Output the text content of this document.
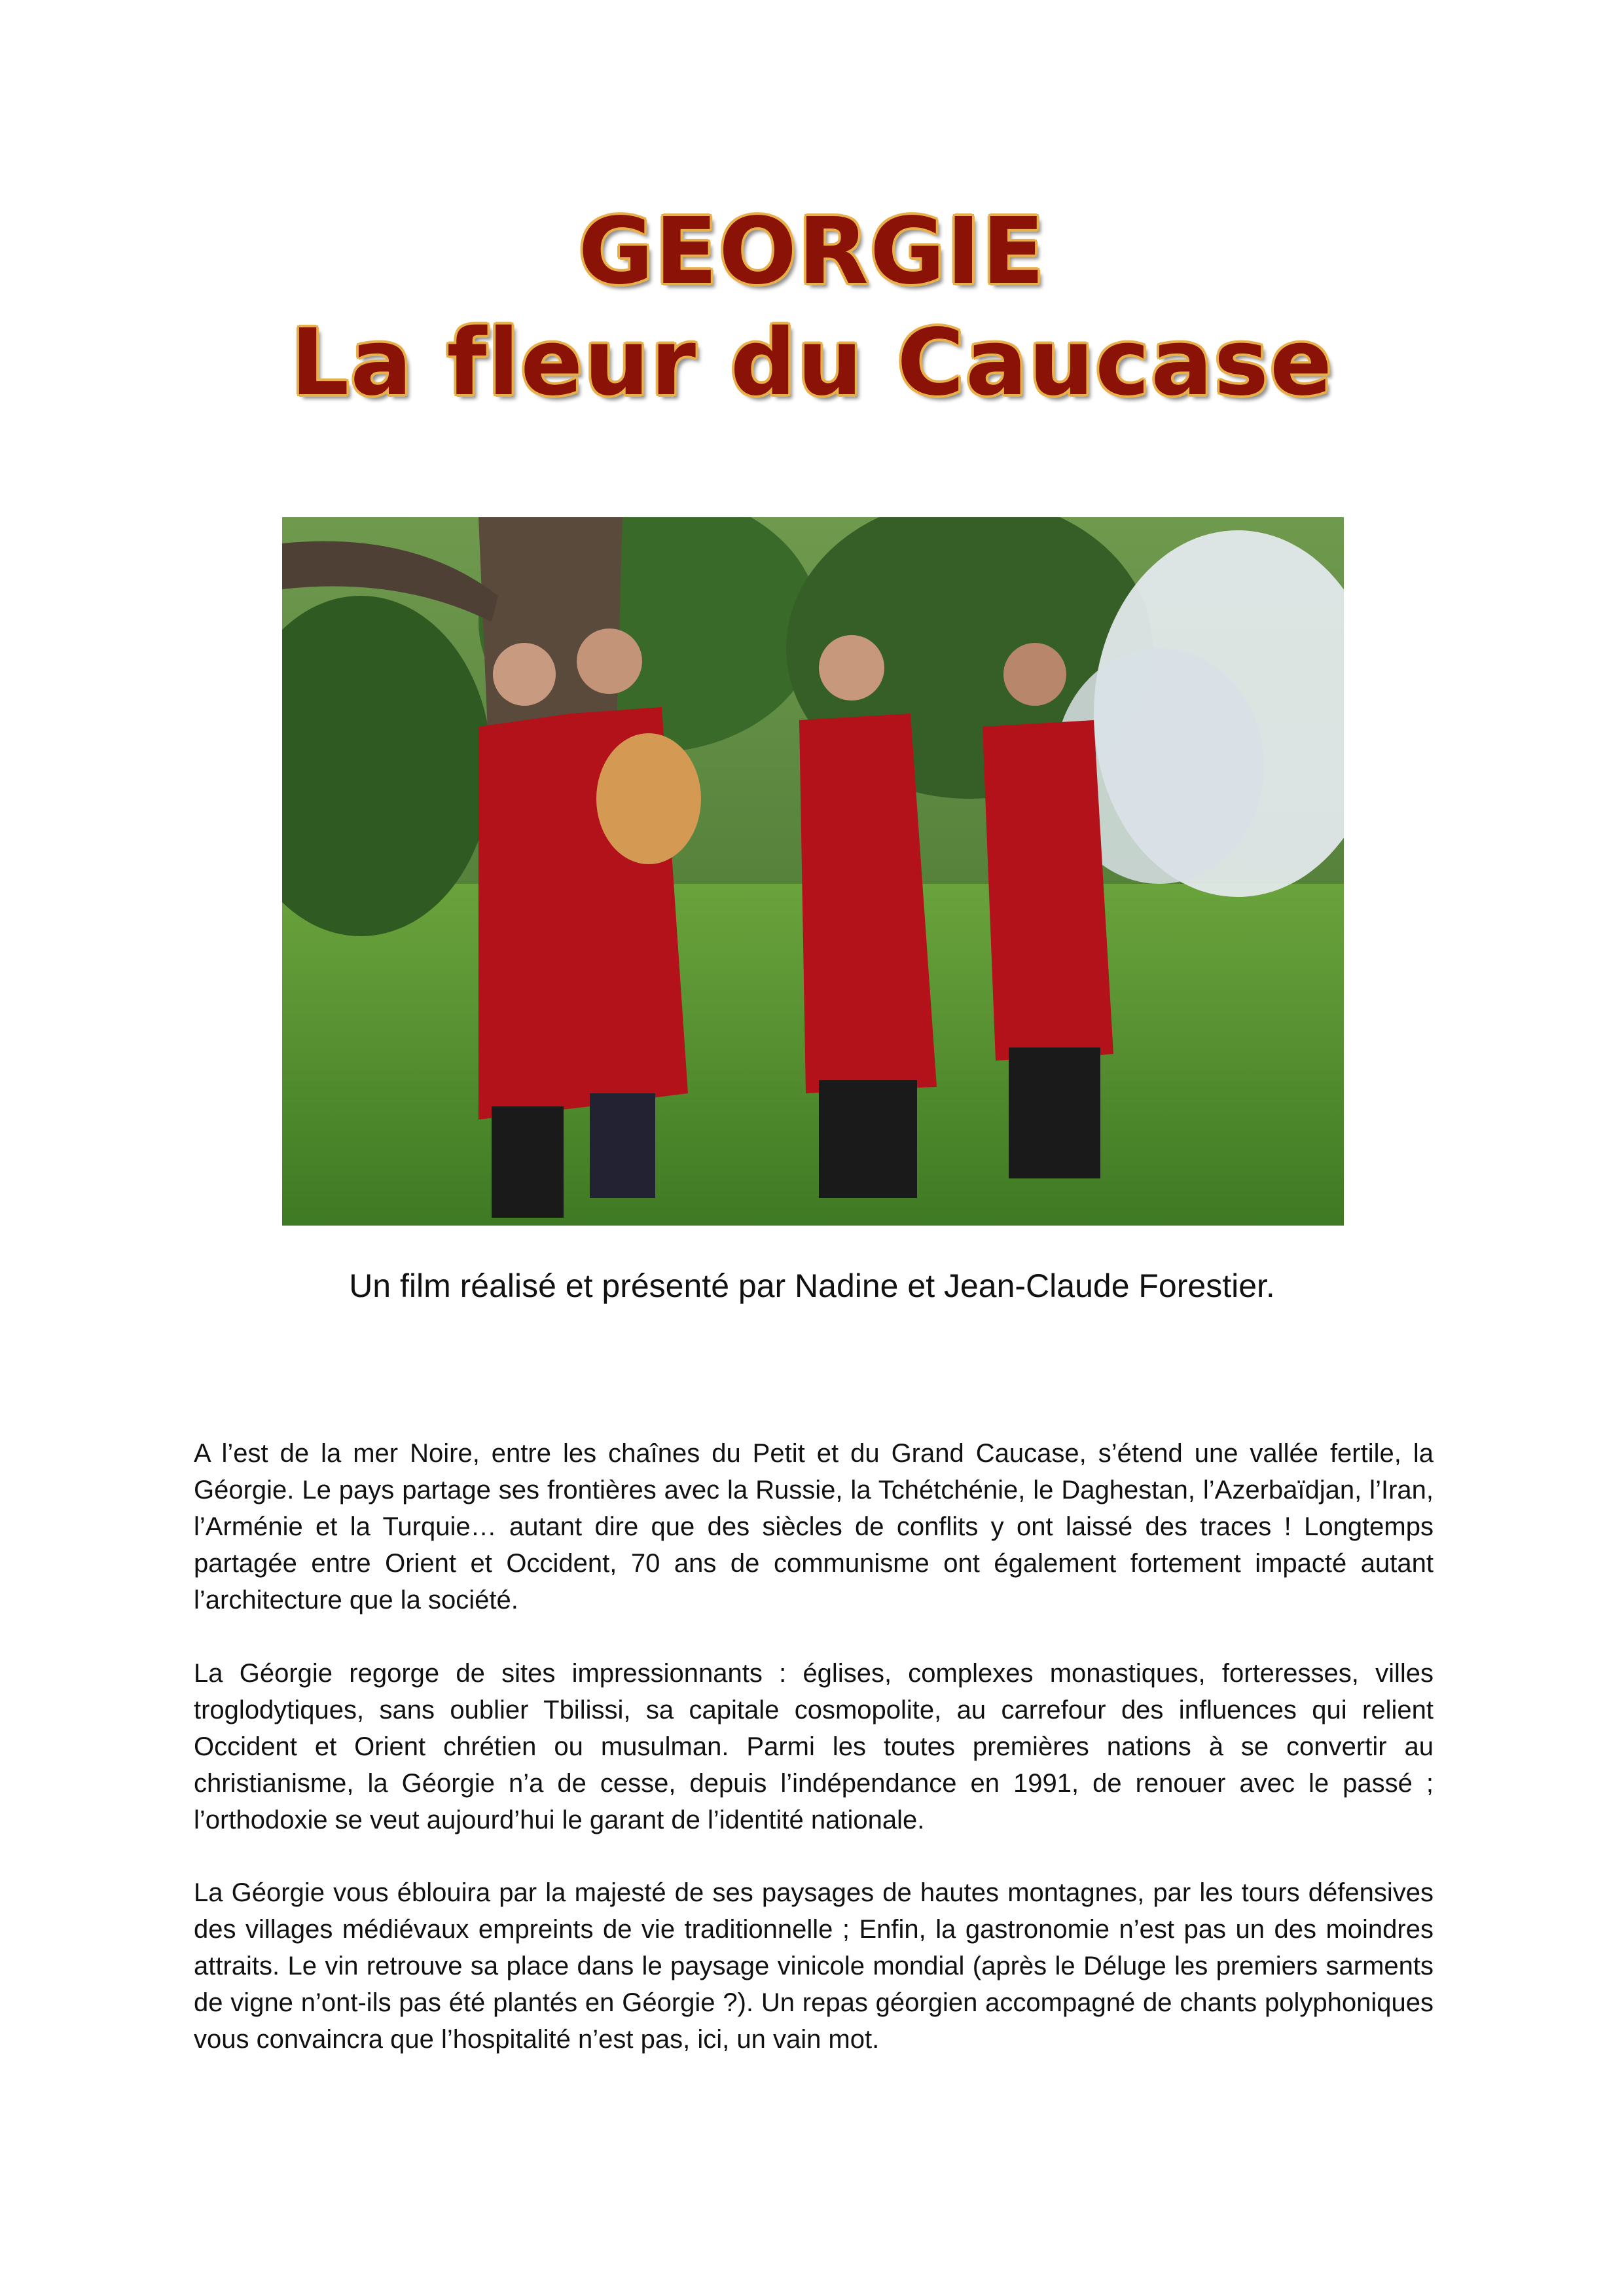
GEORGIE
La fleur du Caucase
Un film réalisé et présenté par Nadine et Jean-Claude Forestier.

A l’est de la mer Noire, entre les chaînes du Petit et du Grand Caucase, s’étend une vallée fertile, la Géorgie. Le pays partage ses frontières avec la Russie, la Tchétchénie, le Daghestan, l’Azerbaïdjan, l’Iran, l’Arménie et la Turquie… autant dire que des siècles de conflits y ont laissé des traces ! Longtemps partagée entre Orient et Occident, 70 ans de communisme ont également fortement impacté autant l’architecture que la société.

La Géorgie regorge de sites impressionnants : églises, complexes monastiques, forteresses, villes troglodytiques, sans oublier Tbilissi, sa capitale cosmopolite, au carrefour des influences qui relient Occident et Orient chrétien ou musulman. Parmi les toutes premières nations à se convertir au christianisme, la Géorgie n’a de cesse, depuis l’indépendance en 1991, de renouer avec le passé ; l’orthodoxie se veut aujourd’hui le garant de l’identité nationale.

La Géorgie vous éblouira par la majesté de ses paysages de hautes montagnes, par les tours défensives des villages médiévaux empreints de vie traditionnelle ; Enfin, la gastronomie n’est pas un des moindres attraits. Le vin retrouve sa place dans le paysage vinicole mondial (après le Déluge les premiers sarments de vigne n’ont-ils pas été plantés en Géorgie ?). Un repas géorgien accompagné de chants polyphoniques vous convaincra que l’hospitalité n’est pas, ici, un vain mot.
